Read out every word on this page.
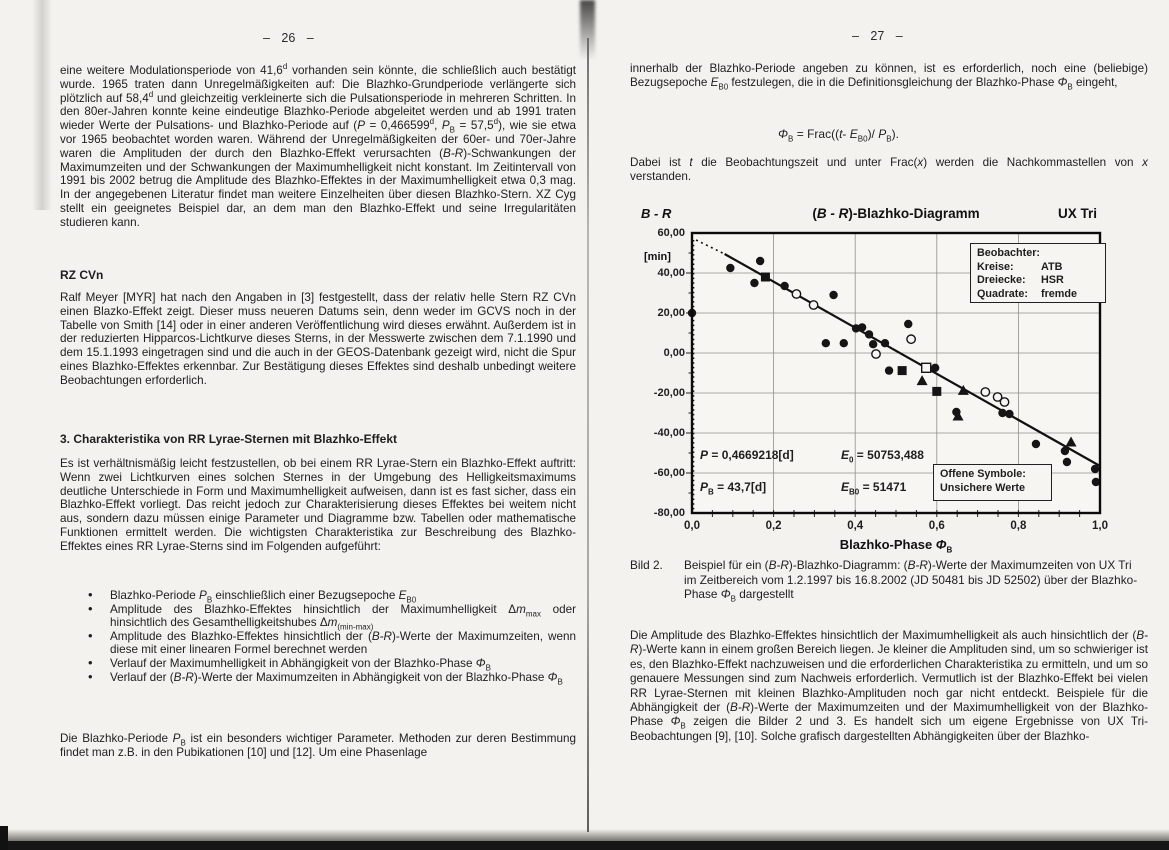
– 26 –

eine weitere Modulationsperiode von 41,6$^d$ vorhanden sein könnte, die schließlich auch bestätigt wurde. 1965 traten dann Unregelmäßigkeiten auf: Die Blazhko-Grundperiode verlängerte sich plötzlich auf 58,4$^d$ und gleichzeitig verkleinerte sich die Pulsationsperiode in mehreren Schritten. In den 80er-Jahren konnte keine eindeutige Blazhko-Periode abgeleitet werden und ab 1991 traten wieder Werte der Pulsations- und Blazhko-Periode auf (P = 0,466599$^d$, $P_B = 57,5^d$), wie sie etwa vor 1965 beobachtet worden waren. Während der Unregelmäßigkeiten der 60er- und 70er-Jahre waren die Amplituden der durch den Blazhko-Effekt verursachten (B-R)-Schwankungen der Maximumzeiten und der Schwankungen der Maximumhelligkeit nicht konstant. Im Zeitintervall von 1991 bis 2002 betrug die Amplitude des Blazhko-Effektes in der Maximumhelligkeit etwa 0,3 mag. In der angegebenen Literatur findet man weitere Einzelheiten über diesen Blazhko-Stern. XZ Cyg stellt ein geeignetes Beispiel dar, an dem man den Blazhko-Effekt und seine Irregularitäten studieren kann.

RZ CVn

Ralf Meyer [MYR] hat nach den Angaben in [3] festgestellt, dass der relativ helle Stern RZ CVn einen Blazko-Effekt zeigt. Dieser muss neueren Datums sein, denn weder im GCVS noch in der Tabelle von Smith [14] oder in einer anderen Veröffentlichung wird dieses erwähnt. Außerdem ist in der reduzierten Hipparcos-Lichtkurve dieses Sterns, in der Messwerte zwischen dem 7.1.1990 und dem 15.1.1993 eingetragen sind und die auch in der GEOS-Datenbank gezeigt wird, nicht die Spur eines Blazhko-Effektes erkennbar. Zur Bestätigung dieses Effektes sind deshalb unbedingt weitere Beobachtungen erforderlich.

3. Charakteristika von RR Lyrae-Sternen mit Blazhko-Effekt

Es ist verhältnismäßig leicht festzustellen, ob bei einem RR Lyrae-Stern ein Blazhko-Effekt auftritt: Wenn zwei Lichtkurven eines solchen Sternes in der Umgebung des Helligkeitsmaximums deutliche Unterschiede in Form und Maximumhelligkeit aufweisen, dann ist es fast sicher, dass ein Blazhko-Effekt vorliegt. Das reicht jedoch zur Charakterisierung dieses Effektes bei weitem nicht aus, sondern dazu müssen einige Parameter und Diagramme bzw. Tabellen oder mathematische Funktionen ermittelt werden. Die wichtigsten Charakteristika zur Beschreibung des Blazhko-Effektes eines RR Lyrae-Sterns sind im Folgenden aufgeführt:

• Blazhko-Periode $P_B$ einschließlich einer Bezugsepoche $E_{B0}$
• Amplitude des Blazhko-Effektes hinsichtlich der Maximumhelligkeit $\Delta m_{max}$ oder hinsichtlich des Gesamthelligkeitshubes $\Delta m_{(min-max)}$
• Amplitude des Blazhko-Effektes hinsichtlich der (B-R)-Werte der Maximumzeiten, wenn diese mit einer linearen Formel berechnet werden
• Verlauf der Maximumhelligkeit in Abhängigkeit von der Blazhko-Phase $\Phi_B$
• Verlauf der (B-R)-Werte der Maximumzeiten in Abhängigkeit von der Blazhko-Phase $\Phi_B$

Die Blazhko-Periode $P_B$ ist ein besonders wichtiger Parameter. Methoden zur deren Bestimmung findet man z.B. in den Pubikationen [10] und [12]. Um eine Phasenlage

– 27 –

innerhalb der Blazhko-Periode angeben zu können, ist es erforderlich, noch eine (beliebige) Bezugsepoche $E_{B0}$ festzulegen, die in die Definitionsgleichung der Blazhko-Phase $\Phi_B$ eingeht,

$\Phi_B$ = Frac((t- $E_{B0})/$ $P_B$).

Dabei ist t die Beobachtungszeit und unter Frac(x) werden die Nachkommastellen von x verstanden.

Bild 2.	Beispiel für ein (B-R)-Blazhko-Diagramm: (B-R)-Werte der Maximumzeiten von UX Tri im Zeitbereich vom 1.2.1997 bis 16.8.2002 (JD 50481 bis JD 52502) über der Blazhko-Phase $\Phi_B$ dargestellt

Die Amplitude des Blazhko-Effektes hinsichtlich der Maximumhelligkeit als auch hinsichtlich der (B-R)-Werte kann in einem großen Bereich liegen. Je kleiner die Amplituden sind, um so schwieriger ist es, den Blazhko-Effekt nachzuweisen und die erforderlichen Charakteristika zu ermitteln, und um so genauere Messungen sind zum Nachweis erforderlich. Vermutlich ist der Blazhko-Effekt bei vielen RR Lyrae-Sternen mit kleinen Blazhko-Amplituden noch gar nicht entdeckt. Beispiele für die Abhängigkeit der (B-R)-Werte der Maximumzeiten und der Maximumhelligkeit von der Blazhko-Phase $\Phi_B$ zeigen die Bilder 2 und 3. Es handelt sich um eigene Ergebnisse von UX Tri-Beobachtungen [9], [10]. Solche grafisch dargestellten Abhängigkeiten über der Blazhko-

B - R
[min]
(B - R)-Blazhko-Diagramm	UX Tri
Beobachter:
Kreise:	ATB
Dreiecke:	HSR
Quadrate:	fremde
P = 0,4669218[d]	$E_0 = 50753,488$
$P_B = 43,7[d]$	$E_{B0} = 51471$
Offene Symbole:
Unsichere Werte
Blazhko-Phase $\Phi_B$
0,0	0,2	0,4	0,6	0,8	1,0
60,00
40,00
20,00
0,00
-20,00
-40,00
-60,00
-80,00
